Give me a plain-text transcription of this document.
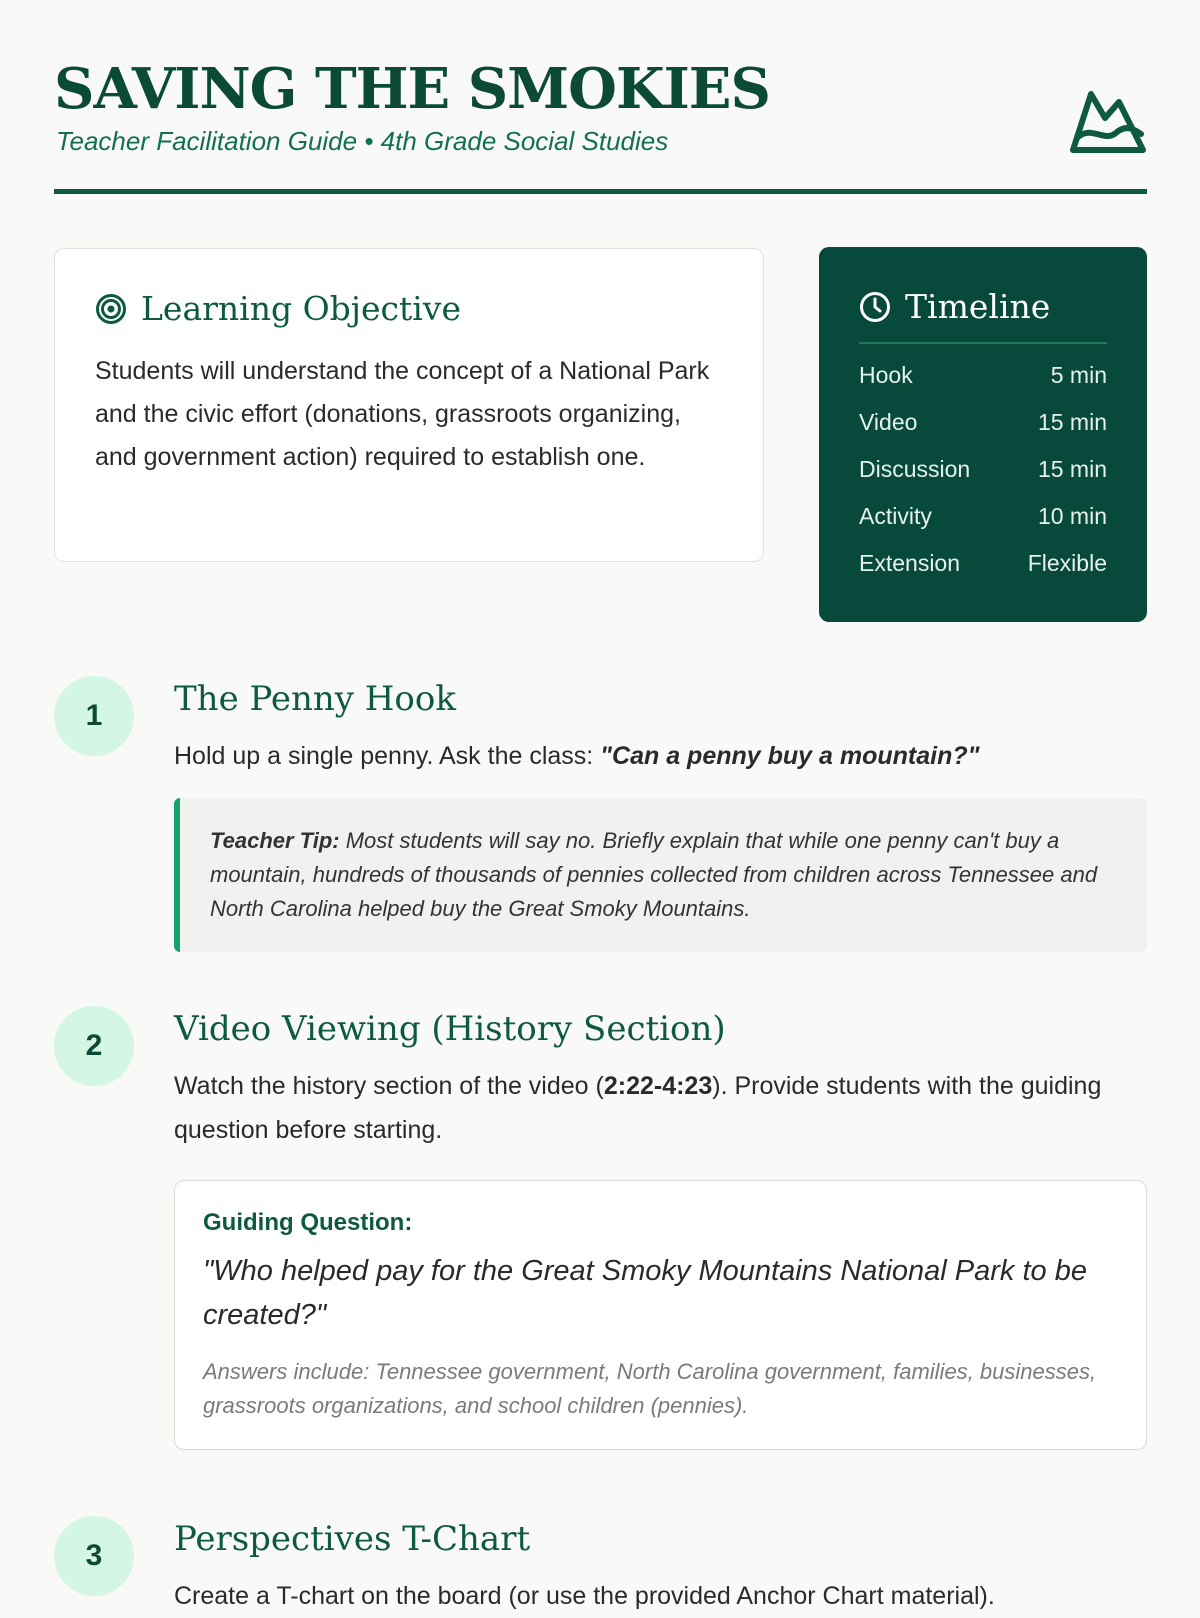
SAVING THE SMOKIES
Teacher Facilitation Guide • 4th Grade Social Studies
Learning Objective

Students will understand the concept of a National Park and the civic effort (donations, grassroots organizing, and government action) required to establish one.

Timeline
Hook	5 min
Video	15 min
Discussion	15 min
Activity	10 min
Extension	Flexible
1	The Penny Hook

Hold up a single penny. Ask the class: "Can a penny buy a mountain?"

Teacher Tip: Most students will say no. Briefly explain that while one penny can't buy a mountain, hundreds of thousands of pennies collected from children across Tennessee and North Carolina helped buy the Great Smoky Mountains.
2	Video Viewing (History Section)

Watch the history section of the video (2:22-4:23). Provide students with the guiding question before starting.

Guiding Question:
"Who helped pay for the Great Smoky Mountains National Park to be created?"
Answers include: Tennessee government, North Carolina government, families, businesses, grassroots organizations, and school children (pennies).
3	Perspectives T-Chart

Create a T-chart on the board (or use the provided Anchor Chart material).
